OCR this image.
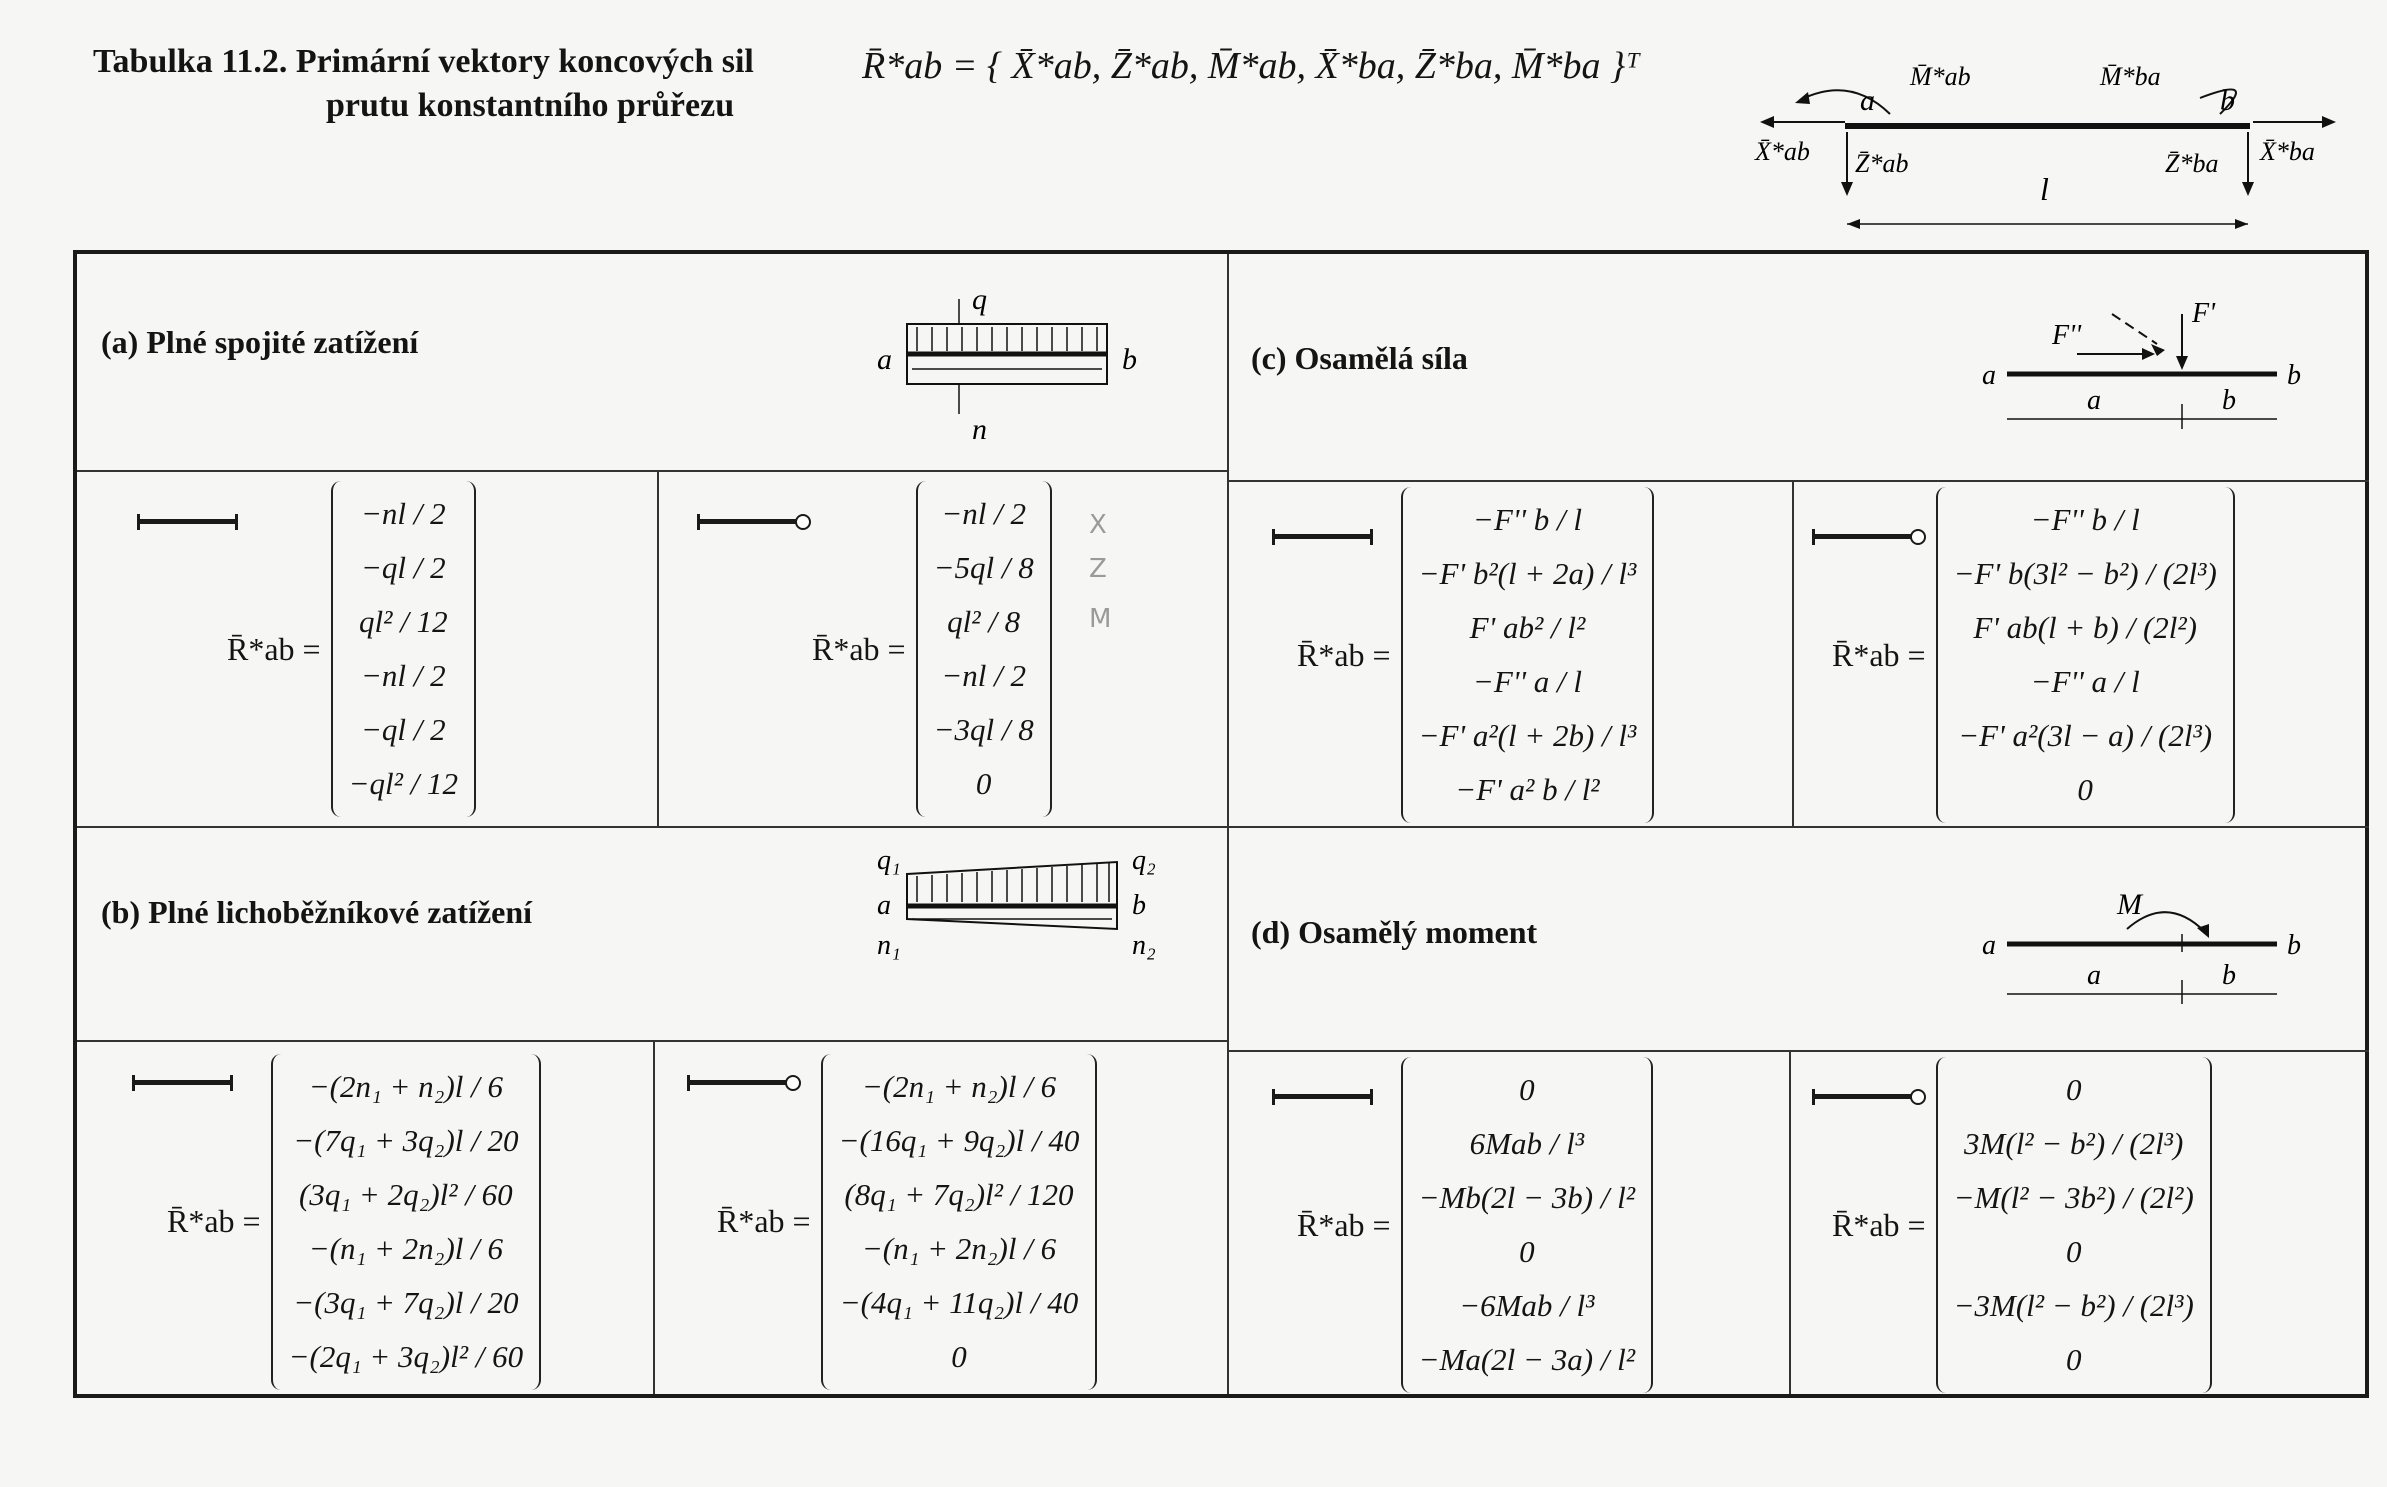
Tabulka 11.2. Primární vektory koncových sil
prutu konstantního průřezu
R̄*ab = { X̄*ab, Z̄*ab, M̄*ab, X̄*ba, Z̄*ba, M̄*ba }ᵀ
a	b
l
X̄*ab Z̄*ab
M̄*ab	M̄*ba
Z̄*ba X̄*ba
(a) Plné spojité zatížení
q
n
a	b
R̄*ab =
−nl / 2
−ql / 2
ql² / 12
−nl / 2
−ql / 2
−ql² / 12
R̄*ab =
−nl / 2
−5ql / 8
ql² / 8
−nl / 2
−3ql / 8
0
X
Z
M
(c) Osamělá síla
F''
F'
a	b
a	b
R̄*ab =
−F'' b / l
−F' b²(l + 2a) / l³
F' ab² / l²
−F'' a / l
−F' a²(l + 2b) / l³
−F' a² b / l²
R̄*ab =
−F'' b / l
−F' b(3l² − b²) / (2l³)
F' ab(l + b) / (2l²)
−F'' a / l
−F' a²(3l − a) / (2l³)
0
(b) Plné lichoběžníkové zatížení
q₁	q₂
a	b
n₁	n₂
R̄*ab =
−(2n₁ + n₂)l / 6
−(7q₁ + 3q₂)l / 20
(3q₁ + 2q₂)l² / 60
−(n₁ + 2n₂)l / 6
−(3q₁ + 7q₂)l / 20
−(2q₁ + 3q₂)l² / 60
R̄*ab =
−(2n₁ + n₂)l / 6
−(16q₁ + 9q₂)l / 40
(8q₁ + 7q₂)l² / 120
−(n₁ + 2n₂)l / 6
−(4q₁ + 11q₂)l / 40
0
(d) Osamělý moment
M
a	b
a	b
R̄*ab =
0
6Mab / l³
−Mb(2l − 3b) / l²
0
−6Mab / l³
−Ma(2l − 3a) / l²
R̄*ab =
0
3M(l² − b²) / (2l³)
−M(l² − 3b²) / (2l²)
0
−3M(l² − b²) / (2l³)
0
